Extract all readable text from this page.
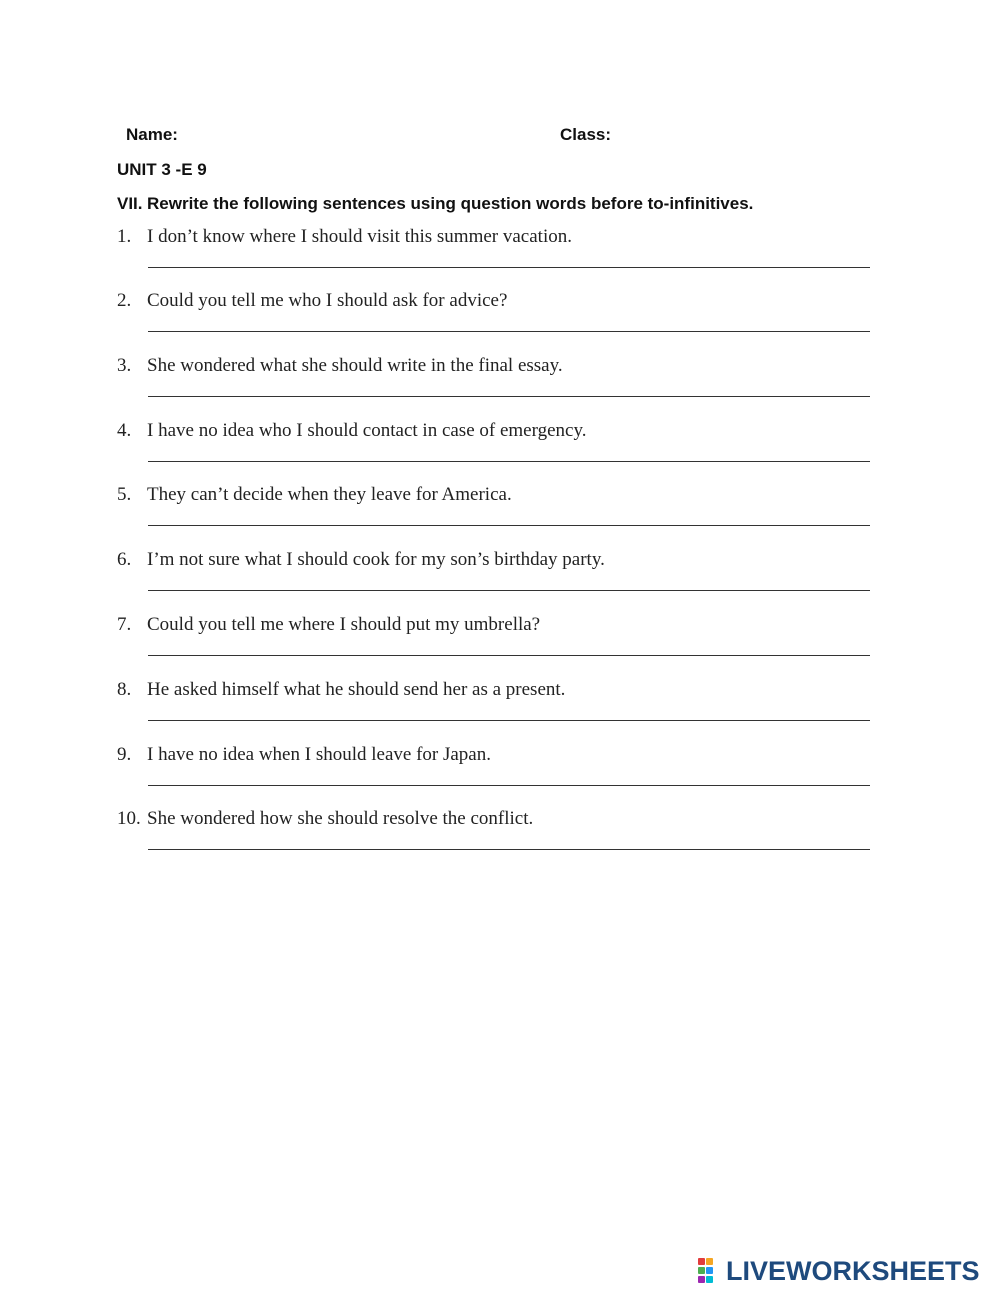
Name:	Class:
UNIT 3 -E 9
VII. Rewrite the following sentences using question words before to-infinitives.
1. I don’t know where I should visit this summer vacation.
2. Could you tell me who I should ask for advice?
3. She wondered what she should write in the final essay.
4. I have no idea who I should contact in case of emergency.
5. They can’t decide when they leave for America.
6. I’m not sure what I should cook for my son’s birthday party.
7. Could you tell me where I should put my umbrella?
8. He asked himself what he should send her as a present.
9. I have no idea when I should leave for Japan.
10. She wondered how she should resolve the conflict.
LIVEWORKSHEETS
